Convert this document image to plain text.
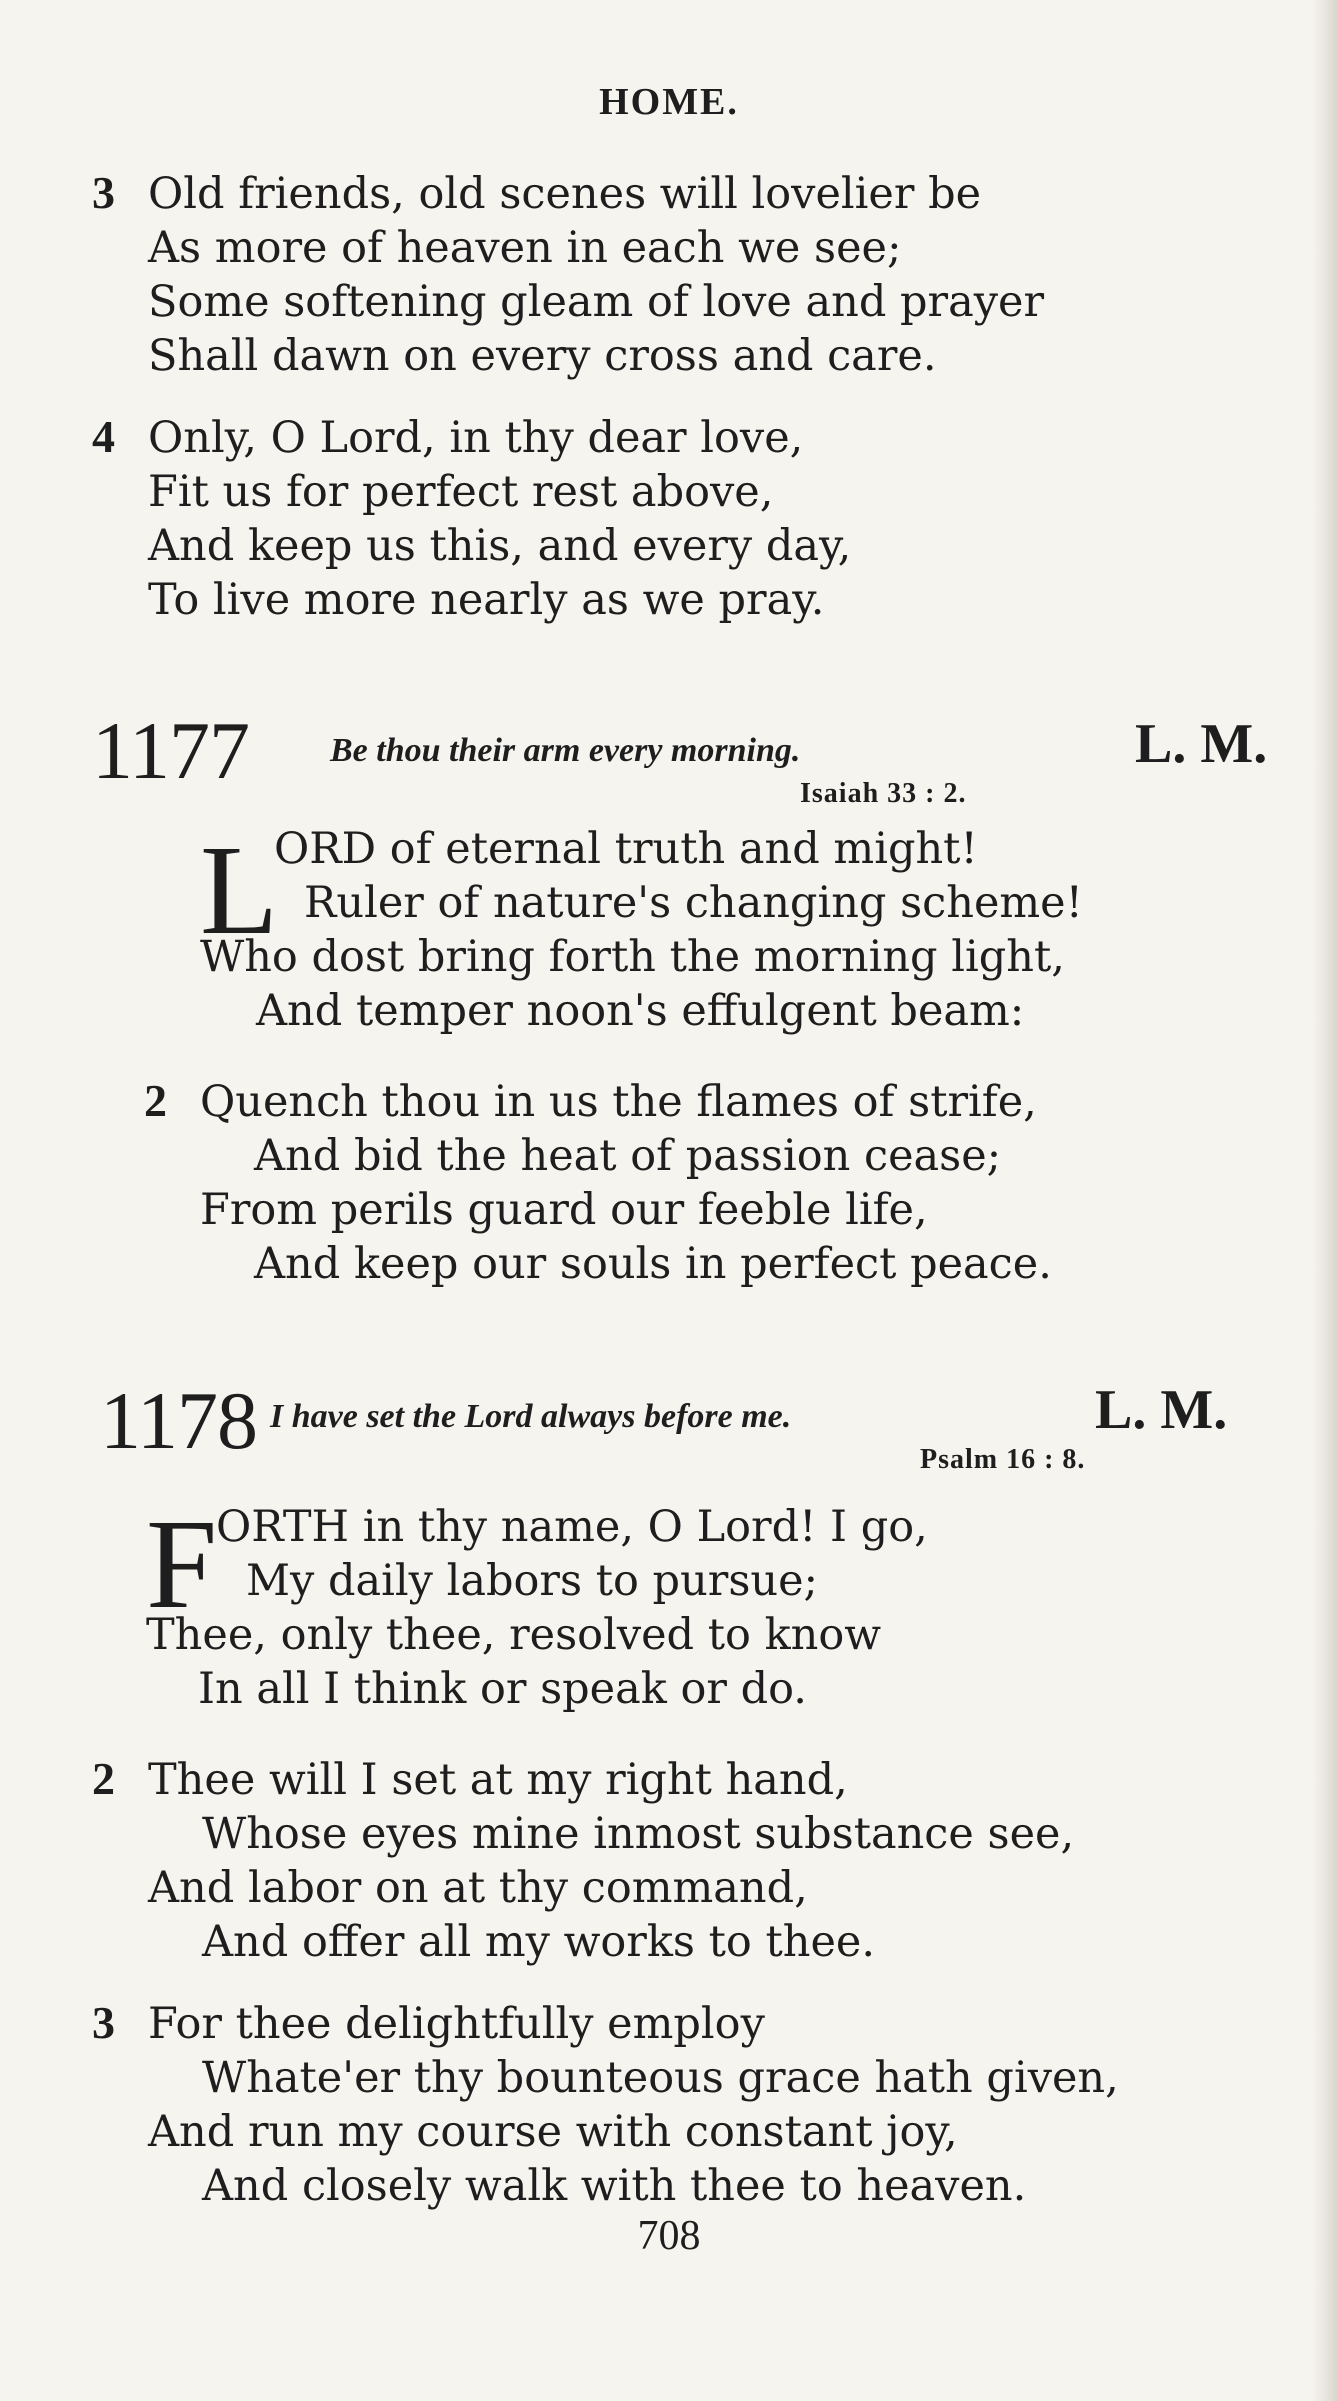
HOME.
3 Old friends, old scenes will lovelier be
As more of heaven in each we see;
Some softening gleam of love and prayer
Shall dawn on every cross and care.
4 Only, O Lord, in thy dear love,
Fit us for perfect rest above,
And keep us this, and every day,
To live more nearly as we pray.
1177 Be thou their arm every morning.	L. M.
Isaiah 33 : 2.
L
ORD of eternal truth and might!
Ruler of nature's changing scheme!
Who dost bring forth the morning light,
And temper noon's effulgent beam:
2 Quench thou in us the flames of strife,
And bid the heat of passion cease;
From perils guard our feeble life,
And keep our souls in perfect peace.
1178 I have set the Lord always before me.	L. M.
Psalm 16 : 8.
F
ORTH in thy name, O Lord! I go,
My daily labors to pursue;
Thee, only thee, resolved to know
In all I think or speak or do.
2 Thee will I set at my right hand,
Whose eyes mine inmost substance see,
And labor on at thy command,
And offer all my works to thee.
3 For thee delightfully employ
Whate'er thy bounteous grace hath given,
And run my course with constant joy,
And closely walk with thee to heaven.
708
